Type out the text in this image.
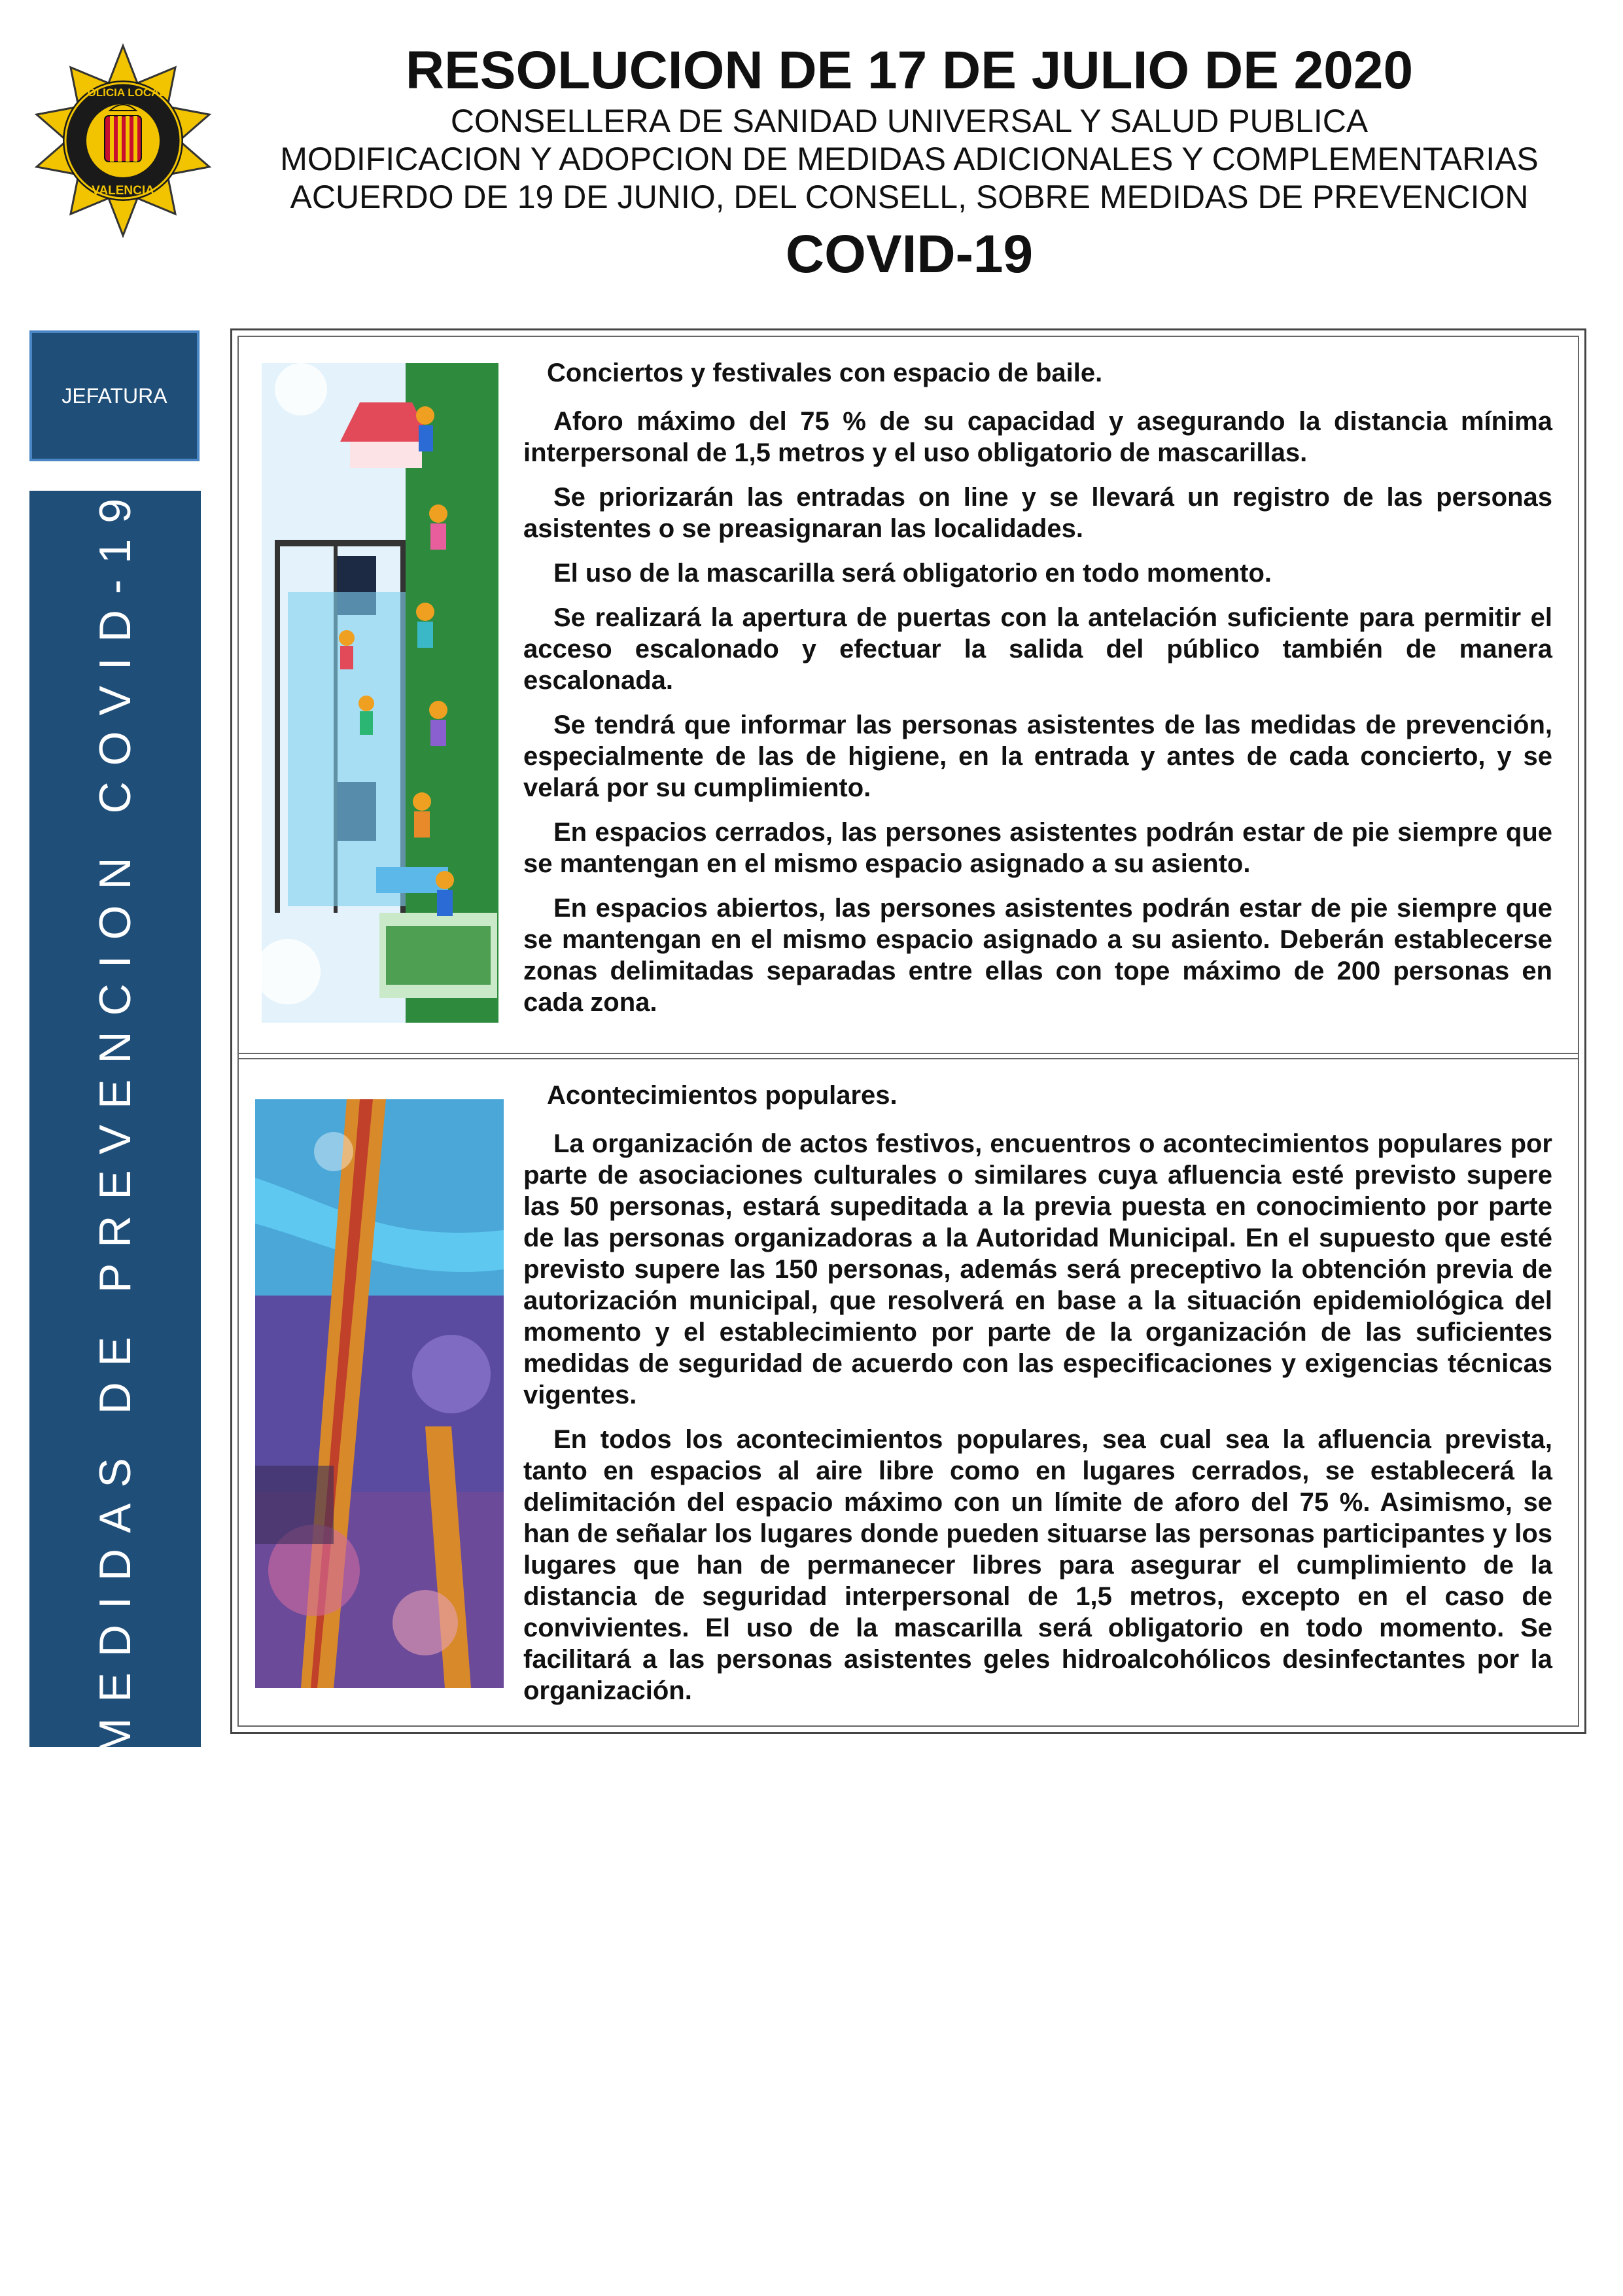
POLICIA LOCAL
VALENCIA
RESOLUCION DE 17 DE JULIO DE 2020
CONSELLERA DE SANIDAD UNIVERSAL Y SALUD PUBLICA
MODIFICACION Y ADOPCION DE MEDIDAS ADICIONALES Y COMPLEMENTARIAS
ACUERDO DE 19 DE JUNIO, DEL CONSELL, SOBRE MEDIDAS DE PREVENCION
COVID-19
JEFATURA
MEDIDAS DE PREVENCION COVID-19

Conciertos y festivales con espacio de baile.

Aforo máximo del 75 % de su capacidad y asegurando la distancia mínima interpersonal de 1,5 metros y el uso obligatorio de mascarillas.

Se priorizarán las entradas on line y se llevará un registro de las personas asistentes o se preasignaran las localidades.

El uso de la mascarilla será obligatorio en todo momento.

Se realizará la apertura de puertas con la antelación suficiente para permitir el acceso escalonado y efectuar la salida del público también de manera escalonada.

Se tendrá que informar las personas asistentes de las medidas de prevención, especialmente de las de higiene, en la entrada y antes de cada concierto, y se velará por su cumplimiento.

En espacios cerrados, las persones asistentes podrán estar de pie siempre que se mantengan en el mismo espacio asignado a su asiento.

En espacios abiertos, las persones asistentes podrán estar de pie siempre que se mantengan en el mismo espacio asignado a su asiento. Deberán establecerse zonas delimitadas separadas entre ellas con tope máximo de 200 personas en cada zona.

Acontecimientos populares.

La organización de actos festivos, encuentros o acontecimientos populares por parte de asociaciones culturales o similares cuya afluencia esté previsto supere las 50 personas, estará supeditada a la previa puesta en conocimiento por parte de las personas organizadoras a la Autoridad Municipal. En el supuesto que esté previsto supere las 150 personas, además será preceptivo la obtención previa de autorización municipal, que resolverá en base a la situación epidemiológica del momento y el establecimiento por parte de la organización de las suficientes medidas de seguridad de acuerdo con las especificaciones y exigencias técnicas vigentes.

En todos los acontecimientos populares, sea cual sea la afluencia prevista, tanto en espacios al aire libre como en lugares cerrados, se establecerá la delimitación del espacio máximo con un límite de aforo del 75 %. Asimismo, se han de señalar los lugares donde pueden situarse las personas participantes y los lugares que han de permanecer libres para asegurar el cumplimiento de la distancia de seguridad interpersonal de 1,5 metros, excepto en el caso de convivientes. El uso de la mascarilla será obligatorio en todo momento. Se facilitará a las personas asistentes geles hidroalcohólicos desinfectantes por la organización.
